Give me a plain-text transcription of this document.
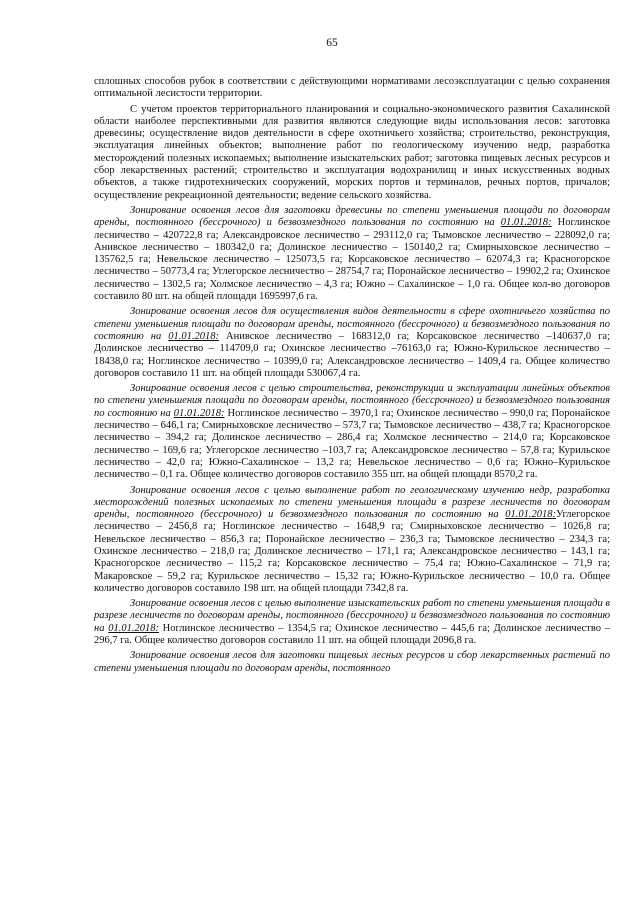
65

сплошных способов рубок в соответствии с действующими нормативами лесоэксплуатации с целью сохранения оптимальной лесистости территории.

С учетом проектов территориального планирования и социально-экономического развития Сахалинской области наиболее перспективными для развития являются следующие виды использования лесов: заготовка древесины; осуществление видов деятельности в сфере охотничьего хозяйства; строительство, реконструкция, эксплуатация линейных объектов; выполнение работ по геологическому изучению недр, разработка месторождений полезных ископаемых; выполнение изыскательских работ; заготовка пищевых лесных ресурсов и сбор лекарственных растений; строительство и эксплуатация водохранилищ и иных искусственных водных объектов, а также гидротехнических сооружений, морских портов и терминалов, речных портов, причалов; осуществление рекреационной деятельности; ведение сельского хозяйства.

Зонирование освоения лесов для заготовки древесины по степени уменьшения площади по договорам аренды, постоянного (бессрочного) и безвозмездного пользования по состоянию на 01.01.2018: Ноглинское лесничество – 420722,8 га; Александровское лесничество – 293112,0 га; Тымовское лесничество – 228092,0 га; Анивское лесничество – 180342,0 га; Долинское лесничество – 150140,2 га; Смирныховское лесничество – 135762,5 га; Невельское лесничество – 125073,5 га; Корсаковское лесничество – 62074,3 га; Красногорское лесничество – 50773,4 га; Углегорское лесничество – 28754,7 га; Поронайское лесничество – 19902,2 га; Охинское лесничество – 1302,5 га; Холмское лесничество – 4,3 га; Южно – Сахалинское – 1,0 га. Общее кол-во договоров составило 80 шт. на общей площади 1695997,6 га.

Зонирование освоения лесов для осуществления видов деятельности в сфере охотничьего хозяйства по степени уменьшения площади по договорам аренды, постоянного (бессрочного) и безвозмездного пользования по состоянию на 01.01.2018: Анивское лесничество – 168312,0 га; Корсаковское лесничество –140637,0 га; Долинское лесничество – 114709,0 га; Охинское лесничество –76163,0 га; Южно-Курильское лесничество – 18438,0 га; Ноглинское лесничество – 10399,0 га; Александровское лесничество – 1409,4 га. Общее количество договоров составило 11 шт. на общей площади 530067,4 га.

Зонирование освоения лесов с целью строительства, реконструкции и эксплуатации линейных объектов по степени уменьшения площади по договорам аренды, постоянного (бессрочного) и безвозмездного пользования по состоянию на 01.01.2018: Ноглинское лесничество – 3970,1 га; Охинское лесничество – 990,0 га; Поронайское лесничество – 646,1 га; Смирныховское лесничество – 573,7 га; Тымовское лесничество – 438,7 га; Красногорское лесничество – 394,2 га; Долинское лесничество – 286,4 га; Холмское лесничество – 214,0 га; Корсаковское лесничество – 169,6 га; Углегорское лесничество –103,7 га; Александровское лесничество – 57,8 га; Курильское лесничество – 42,0 га; Южно-Сахалинское – 13,2 га; Невельское лесничество – 0,6 га; Южно–Курильское лесничество – 0,1 га. Общее количество договоров составило 355 шт. на общей площади 8570,2 га.

Зонирование освоения лесов с целью выполнение работ по геологическому изучению недр, разработка месторождений полезных ископаемых по степени уменьшения площади в разрезе лесничеств по договорам аренды, постоянного (бессрочного) и безвозмездного пользования по состоянию на 01.01.2018:Углегорское лесничество – 2456,8 га; Ноглинское лесничество – 1648,9 га; Смирныховское лесничество – 1026,8 га; Невельское лесничество – 856,3 га; Поронайское лесничество – 236,3 га; Тымовское лесничество – 234,3 га; Охинское лесничество – 218,0 га; Долинское лесничество – 171,1 га; Александровское лесничество – 143,1 га; Красногорское лесничество – 115,2 га; Корсаковское лесничество – 75,4 га; Южно-Сахалинское – 71,9 га; Макаровское – 59,2 га; Курильское лесничество – 15,32 га; Южно-Курильское лесничество – 10,0 га. Общее количество договоров составило 198 шт. на общей площади 7342,8 га.

Зонирование освоения лесов с целью выполнение изыскательских работ по степени уменьшения площади в разрезе лесничеств по договорам аренды, постоянного (бессрочного) и безвозмездного пользования по состоянию на 01.01.2018: Ноглинское лесничество – 1354,5 га; Охинское лесничество – 445,6 га; Долинское лесничество – 296,7 га. Общее количество договоров составило 11 шт. на общей площади 2096,8 га.

Зонирование освоения лесов для заготовки пищевых лесных ресурсов и сбор лекарственных растений по степени уменьшения площади по договорам аренды, постоянного
